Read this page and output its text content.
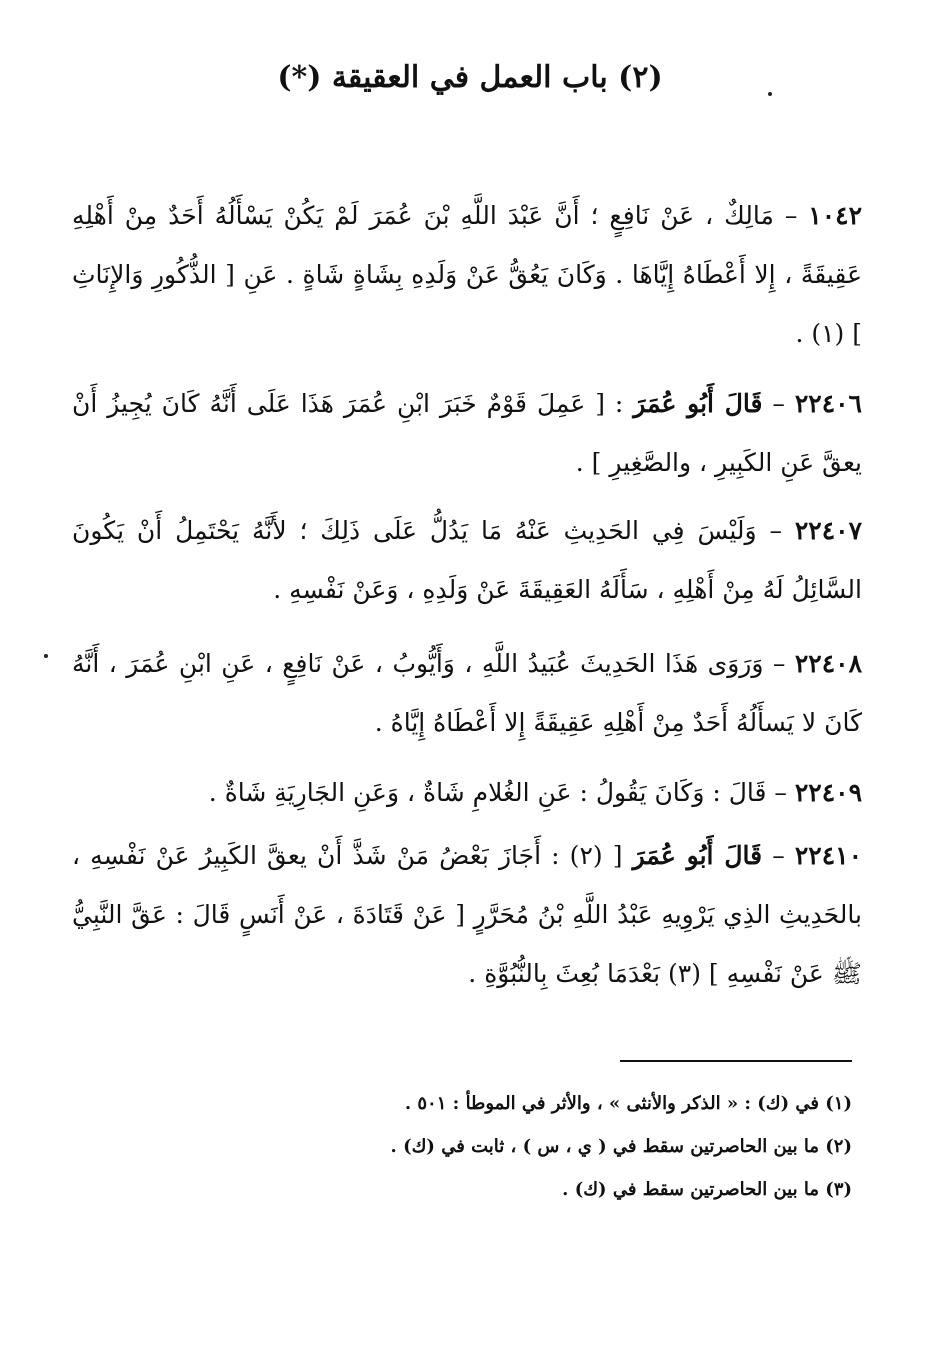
(٢) باب العمل في العقيقة (*)
١٠٤٢ – مَالِكٌ ، عَنْ نَافِعٍ ؛ أَنَّ عَبْدَ اللَّهِ بْنَ عُمَرَ لَمْ يَكُنْ يَسْأَلُهُ أَحَدٌ مِنْ أَهْلِهِ عَقِيقَةً ، إِلا أَعْطَاهُ إِيَّاهَا . وَكَانَ يَعُقُّ عَنْ وَلَدِهِ بِشَاةٍ شَاةٍ . عَنِ [ الذُّكُورِ وَالإِنَاثِ ] (١) .
٢٢٤٠٦ – قَالَ أَبُو عُمَرَ : [ عَمِلَ قَوْمٌ خَبَرَ ابْنِ عُمَرَ هَذَا عَلَى أَنَّهُ كَانَ يُجِيزُ أَنْ يعقَّ عَنِ الكَبِيرِ ، والصَّغِيرِ ] .
٢٢٤٠٧ – وَلَيْسَ فِي الحَدِيثِ عَنْهُ مَا يَدُلُّ عَلَى ذَلِكَ ؛ لأَنَّهُ يَحْتَمِلُ أَنْ يَكُونَ السَّائِلُ لَهُ مِنْ أَهْلِهِ ، سَأَلَهُ العَقِيقَةَ عَنْ وَلَدِهِ ، وَعَنْ نَفْسِهِ .
٢٢٤٠٨ – وَرَوَى هَذَا الحَدِيثَ عُبَيدُ اللَّهِ ، وَأَيُّوبُ ، عَنْ نَافِعٍ ، عَنِ ابْنِ عُمَرَ ، أَنَّهُ كَانَ لا يَسأَلُهُ أَحَدٌ مِنْ أَهْلِهِ عَقِيقَةً إِلا أَعْطَاهُ إِيَّاهُ .
٢٢٤٠٩ – قَالَ : وَكَانَ يَقُولُ : عَنِ الغُلامِ شَاةٌ ، وَعَنِ الجَارِيَةِ شَاةٌ .
٢٢٤١٠ – قَالَ أَبُو عُمَرَ [ (٢) : أَجَازَ بَعْضُ مَنْ شَذَّ أَنْ يعقَّ الكَبِيرُ عَنْ نَفْسِهِ ، بالحَدِيثِ الذِي يَرْوِيهِ عَبْدُ اللَّهِ بْنُ مُحَرَّرٍ [ عَنْ قَتَادَةَ ، عَنْ أَنَسٍ قَالَ : عَقَّ النَّبِيُّ ﷺ عَنْ نَفْسِهِ ] (٣) بَعْدَمَا بُعِثَ بِالنُّبُوَّةِ .
(١) في (ك) : « الذكر والأنثى » ، والأثر في الموطأ : ٥٠١ .
(٢) ما بين الحاصرتين سقط في ( ي ، س ) ، ثابت في (ك) .
(٣) ما بين الحاصرتين سقط في (ك) .
